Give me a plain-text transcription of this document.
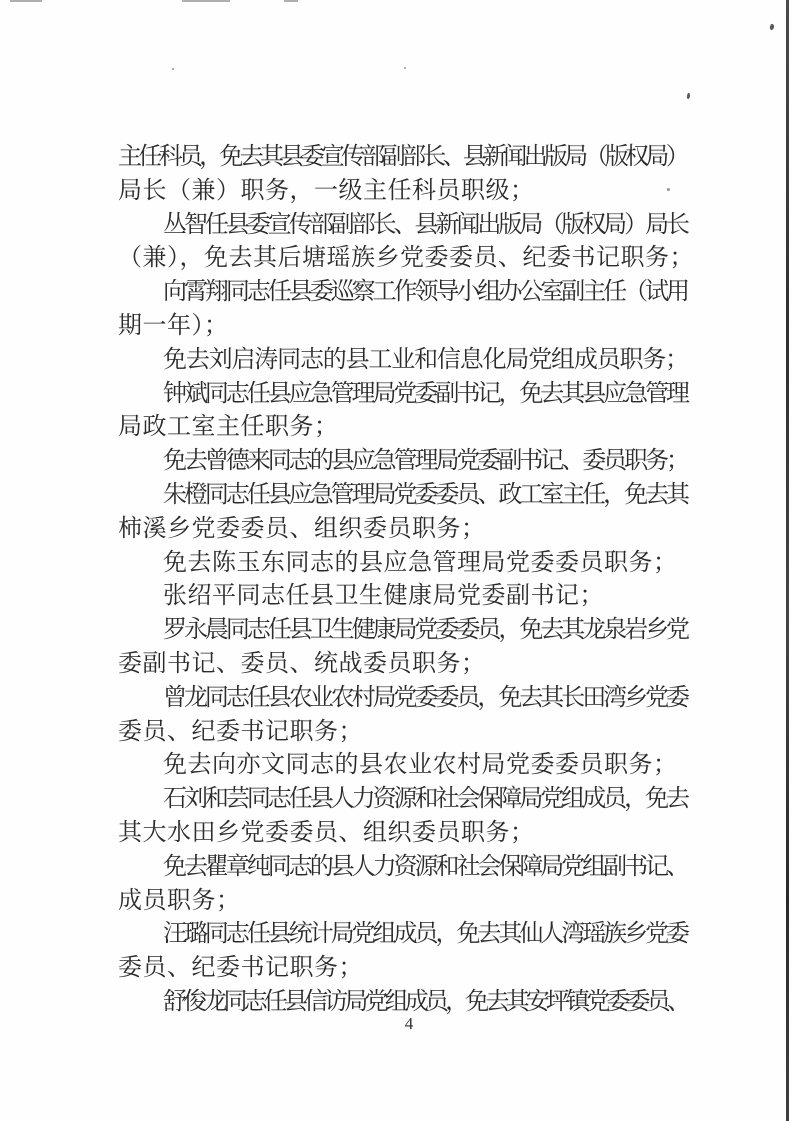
主任科员，免去其县委宣传部副部长、县新闻出版局（版权局）
局长（兼）职务，一级主任科员职级；
丛智任县委宣传部副部长、县新闻出版局（版权局）局长
（兼），免去其后塘瑶族乡党委委员、纪委书记职务；
向霄翔同志任县委巡察工作领导小组办公室副主任（试用
期一年）；
免去刘启涛同志的县工业和信息化局党组成员职务；
钟斌同志任县应急管理局党委副书记，免去其县应急管理
局政工室主任职务；
免去曾德来同志的县应急管理局党委副书记、委员职务；
朱橙同志任县应急管理局党委委员、政工室主任，免去其
柿溪乡党委委员、组织委员职务；
免去陈玉东同志的县应急管理局党委委员职务；
张绍平同志任县卫生健康局党委副书记；
罗永晨同志任县卫生健康局党委委员，免去其龙泉岩乡党
委副书记、委员、统战委员职务；
曾龙同志任县农业农村局党委委员，免去其长田湾乡党委
委员、纪委书记职务；
免去向亦文同志的县农业农村局党委委员职务；
石刘和芸同志任县人力资源和社会保障局党组成员，免去
其大水田乡党委委员、组织委员职务；
免去瞿章纯同志的县人力资源和社会保障局党组副书记、
成员职务；
汪璐同志任县统计局党组成员，免去其仙人湾瑶族乡党委
委员、纪委书记职务；
舒俊龙同志任县信访局党组成员，免去其安坪镇党委委员、
4
